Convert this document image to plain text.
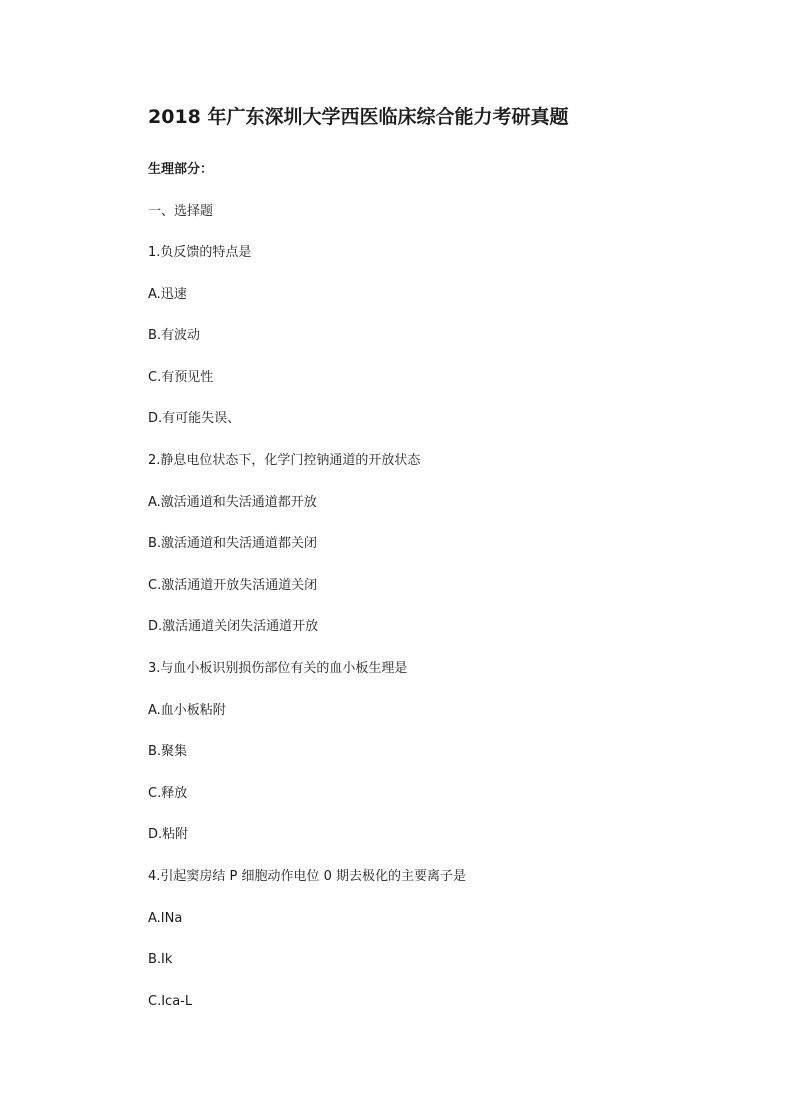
2018 年广东深圳大学西医临床综合能力考研真题
生理部分：
一、选择题
1.负反馈的特点是
A.迅速
B.有波动
C.有预见性
D.有可能失误、
2.静息电位状态下，化学门控钠通道的开放状态
A.激活通道和失活通道都开放
B.激活通道和失活通道都关闭
C.激活通道开放失活通道关闭
D.激活通道关闭失活通道开放
3.与血小板识别损伤部位有关的血小板生理是
A.血小板粘附
B.聚集
C.释放
D.粘附
4.引起窦房结 P 细胞动作电位 0 期去极化的主要离子是
A.INa
B.Ik
C.Ica-L
